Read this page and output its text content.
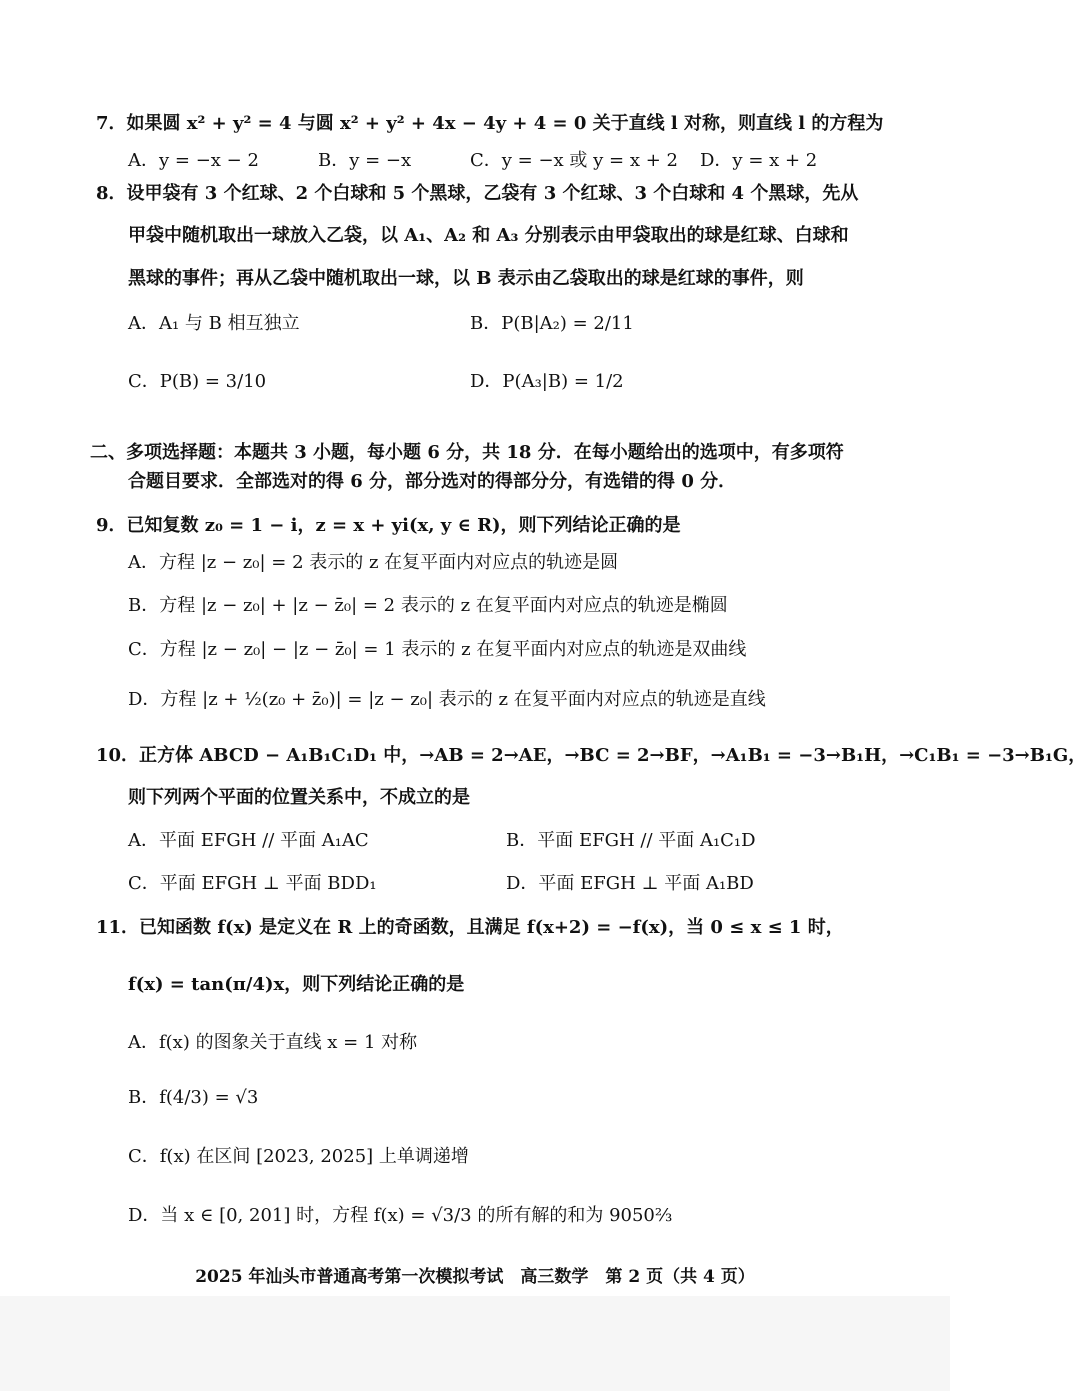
7．如果圆 x² + y² = 4 与圆 x² + y² + 4x − 4y + 4 = 0 关于直线 l 对称，则直线 l 的方程为
A．y = −x − 2	B．y = −x	C．y = −x 或 y = x + 2 D．y = x + 2
8．设甲袋有 3 个红球、2 个白球和 5 个黑球，乙袋有 3 个红球、3 个白球和 4 个黑球，先从
甲袋中随机取出一球放入乙袋，以 A₁、A₂ 和 A₃ 分别表示由甲袋取出的球是红球、白球和
黑球的事件；再从乙袋中随机取出一球，以 B 表示由乙袋取出的球是红球的事件，则
A．A₁ 与 B 相互独立	B．P(B|A₂) = 2/11
C．P(B) = 3/10	D．P(A₃|B) = 1/2
二、多项选择题：本题共 3 小题，每小题 6 分，共 18 分．在每小题给出的选项中，有多项符
合题目要求．全部选对的得 6 分，部分选对的得部分分，有选错的得 0 分．
9．已知复数 z₀ = 1 − i，z = x + yi(x, y ∈ R)，则下列结论正确的是
A．方程 |z − z₀| = 2 表示的 z 在复平面内对应点的轨迹是圆
B．方程 |z − z₀| + |z − z̄₀| = 2 表示的 z 在复平面内对应点的轨迹是椭圆
C．方程 |z − z₀| − |z − z̄₀| = 1 表示的 z 在复平面内对应点的轨迹是双曲线
D．方程 |z + ½(z₀ + z̄₀)| = |z − z₀| 表示的 z 在复平面内对应点的轨迹是直线
10．正方体 ABCD − A₁B₁C₁D₁ 中，→AB = 2→AE，→BC = 2→BF，→A₁B₁ = −3→B₁H，→C₁B₁ = −3→B₁G，
则下列两个平面的位置关系中，不成立的是
A．平面 EFGH // 平面 A₁AC	B．平面 EFGH // 平面 A₁C₁D
C．平面 EFGH ⊥ 平面 BDD₁	D．平面 EFGH ⊥ 平面 A₁BD
11．已知函数 f(x) 是定义在 R 上的奇函数，且满足 f(x+2) = −f(x)，当 0 ≤ x ≤ 1 时，
f(x) = tan(π/4)x，则下列结论正确的是
A．f(x) 的图象关于直线 x = 1 对称
B．f(4/3) = √3
C．f(x) 在区间 [2023, 2025] 上单调递增
D．当 x ∈ [0, 201] 时，方程 f(x) = √3/3 的所有解的和为 9050⅔
2025 年汕头市普通高考第一次模拟考试　高三数学　第 2 页（共 4 页）
